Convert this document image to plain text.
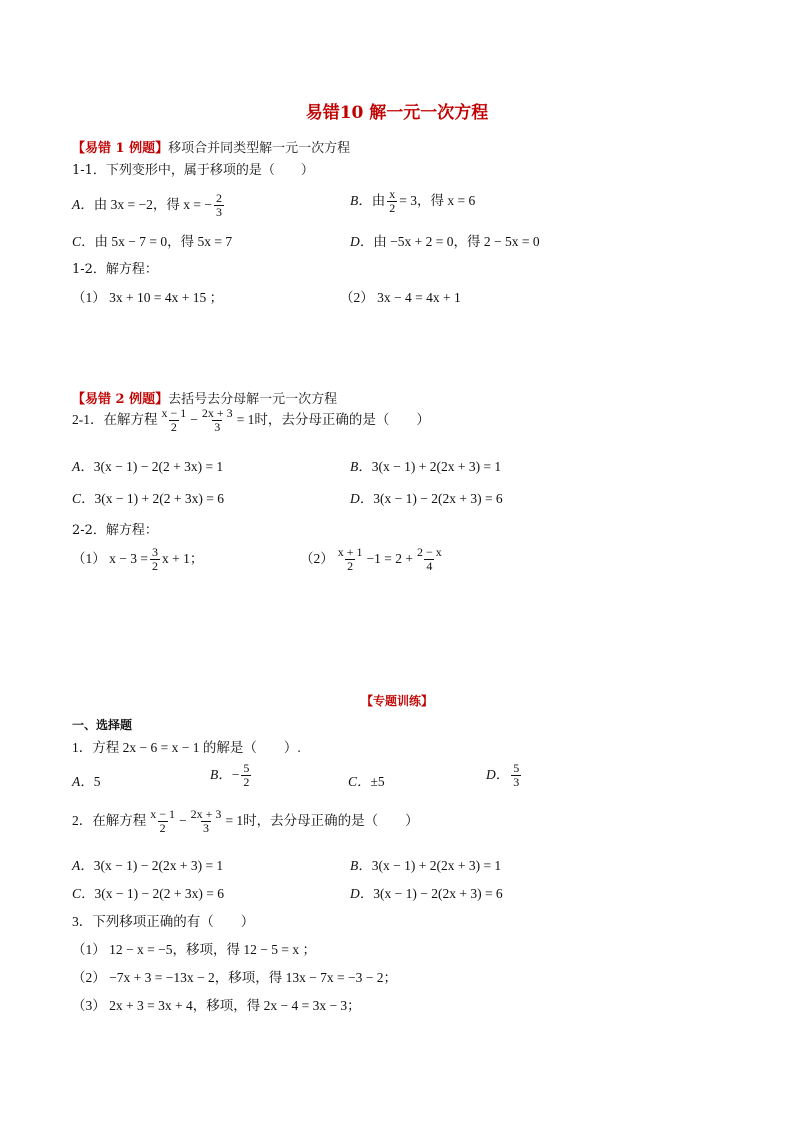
易错10 解一元一次方程
【易错 1 例题】移项合并同类型解一元一次方程
1-1．下列变形中，属于移项的是（　　）
A．由 3x = −2，得 x = − $\frac{2}{3}$	B．由 $\frac{x}{2} = 3$，得 x = 6
C．由 5x − 7 = 0，得 5x = 7	D．由 −5x + 2 = 0，得 2 − 5x = 0
1-2．解方程：
（1） 3x + 10 = 4x + 15 ；	（2） 3x − 4 = 4x + 1
【易错 2 例题】去括号去分母解一元一次方程
2-1．在解方程 $\frac{x - 1}{2} - \frac{2x + 3}{3} = 1$时，去分母正确的是（　　）
A．3(x − 1) − 2(2 + 3x) = 1	B．3(x − 1) + 2(2x + 3) = 1
C．3(x − 1) + 2(2 + 3x) = 6	D．3(x − 1) − 2(2x + 3) = 6
2-2．解方程：
（1） $x - 3 = \frac{3}{2}$ x + 1；	$(2) \frac{x + 1}{2} -1 = 2 + \frac{2 - x}{4}$
【专题训练】
一、选择题
1．方程 2x − 6 = x − 1 的解是（　　）.
A．5	B．− $\frac{5}{2}$	C．±5	D． $\frac{5}{3}$
2．在解方程 $\frac{x - 1}{2} - \frac{2x + 3}{3} = 1$时，去分母正确的是（　　）
A．3(x − 1) − 2(2x + 3) = 1	B．3(x − 1) + 2(2x + 3) = 1
C．3(x − 1) − 2(2 + 3x) = 6	D．3(x − 1) − 2(2x + 3) = 6
3．下列移项正确的有（　　）
（1） 12 − x = −5，移项，得 12 − 5 = x ；
（2） −7x + 3 = −13x − 2，移项，得 13x − 7x = −3 − 2；
（3） 2x + 3 = 3x + 4，移项，得 2x − 4 = 3x − 3；
